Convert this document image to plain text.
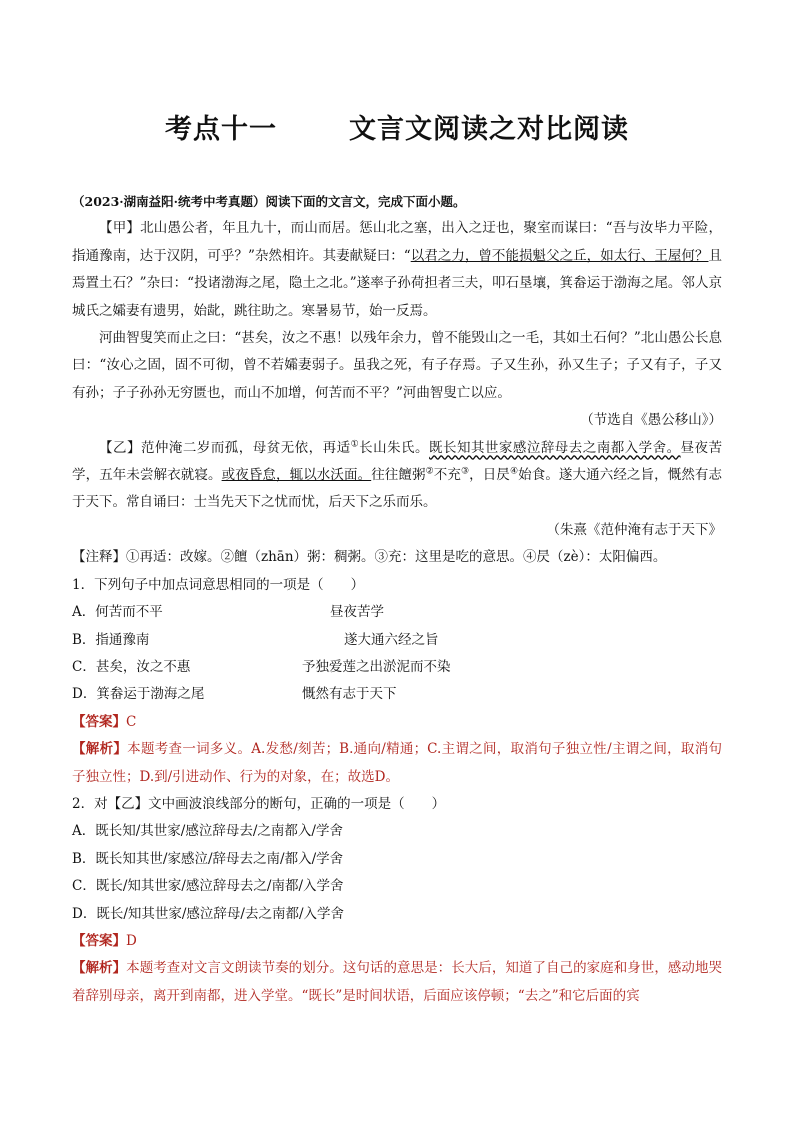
考点十一	文言文阅读之对比阅读

（2023·湖南益阳·统考中考真题）阅读下面的文言文，完成下面小题。

【甲】北山愚公者，年且九十，而山而居。惩山北之塞，出入之迂也，聚室而谋曰：“吾与汝毕力平险，指通豫南，达于汉阴，可乎？”杂然相许。其妻献疑曰：“以君之力，曾不能损魁父之丘，如太行、王屋何？且焉置土石？”杂曰：“投诸渤海之尾，隐土之北。”遂率子孙荷担者三夫，叩石垦壤，箕畚运于渤海之尾。邻人京城氏之孀妻有遗男，始龀，跳往助之。寒暑易节，始一反焉。

河曲智叟笑而止之曰：“甚矣，汝之不惠！以残年余力，曾不能毁山之一毛，其如土石何？”北山愚公长息曰：“汝心之固，固不可彻，曾不若孀妻弱子。虽我之死，有子存焉。子又生孙，孙又生子；子又有子，子又有孙；子子孙孙无穷匮也，而山不加增，何苦而不平？”河曲智叟亡以应。

（节选自《愚公移山》）

【乙】范仲淹二岁而孤，母贫无依，再适①长山朱氏。既长知其世家感泣辞母去之南都入学舍。昼夜苦学，五年未尝解衣就寝。或夜昏怠，辄以水沃面。往往饘粥②不充③，日昃④始食。遂大通六经之旨，慨然有志于天下。常自诵曰：士当先天下之忧而忧，后天下之乐而乐。

（朱熹《范仲淹有志于天下》

【注释】①再适：改嫁。②饘（zhān）粥：稠粥。③充：这里是吃的意思。④昃（zè）：太阳偏西。

1．下列句子中加点词意思相同的一项是（　　）

A．何苦而不平	昼夜苦学
B．指通豫南	遂大通六经之旨
C．甚矣，汝之不惠	予独爱莲之出淤泥而不染
D．箕畚运于渤海之尾	慨然有志于天下

【答案】C

【解析】本题考查一词多义。A.发愁/刻苦；B.通向/精通；C.主谓之间，取消句子独立性/主谓之间，取消句子独立性；D.到/引进动作、行为的对象，在；故选D。

2．对【乙】文中画波浪线部分的断句，正确的一项是（　　）

A．既长知/其世家/感泣辞母去/之南都入/学舍

B．既长知其世/家感泣/辞母去之南/都入/学舍

C．既长/知其世家/感泣辞母去之/南都/入学舍

D．既长/知其世家/感泣辞母/去之南都/入学舍

【答案】D

【解析】本题考查对文言文朗读节奏的划分。这句话的意思是：长大后，知道了自己的家庭和身世，感动地哭着辞别母亲，离开到南都，进入学堂。“既长”是时间状语，后面应该停顿；“去之”和它后面的宾
